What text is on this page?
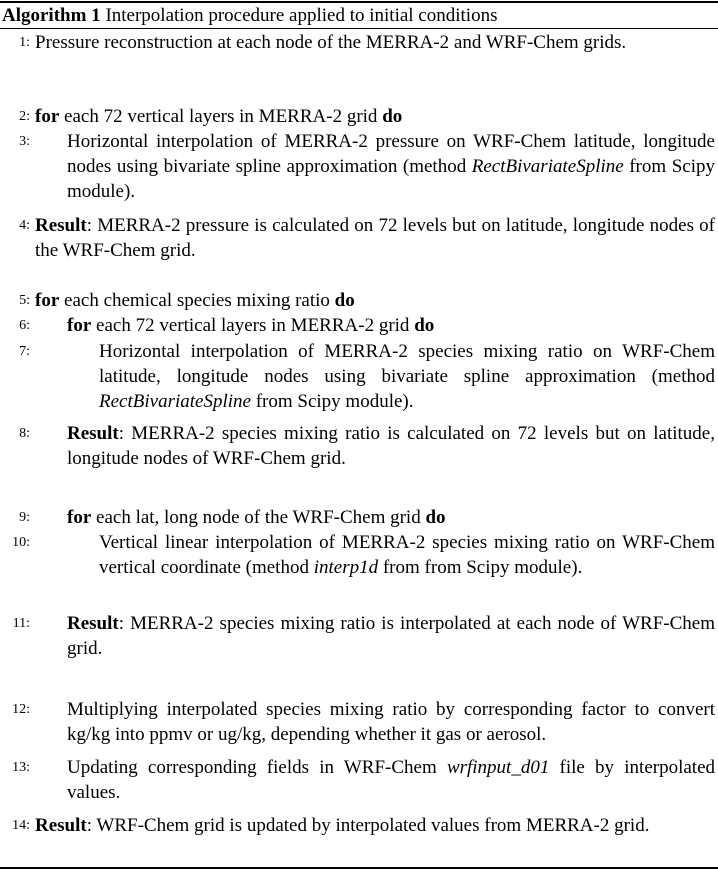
Algorithm 1 Interpolation procedure applied to initial conditions
1: Pressure reconstruction at each node of the MERRA-2 and WRF-Chem grids.
2: for each 72 vertical layers in MERRA-2 grid do
3: Horizontal interpolation of MERRA-2 pressure on WRF-Chem latitude, longitude nodes using bivariate spline approximation (method RectBivariateSpline from Scipy module).
4: Result: MERRA-2 pressure is calculated on 72 levels but on latitude, longitude nodes of the WRF-Chem grid.
5: for each chemical species mixing ratio do
6: for each 72 vertical layers in MERRA-2 grid do
7:	Horizontal interpolation of MERRA-2 species mixing ratio on WRF-Chem latitude, longitude nodes using bivariate spline approximation (method RectBivariateSpline from Scipy module).
8: Result: MERRA-2 species mixing ratio is calculated on 72 levels but on latitude, longitude nodes of WRF-Chem grid.
9: for each lat, long node of the WRF-Chem grid do
10:	Vertical linear interpolation of MERRA-2 species mixing ratio on WRF-Chem vertical coordinate (method interp1d from from Scipy module).
11: Result: MERRA-2 species mixing ratio is interpolated at each node of WRF-Chem grid.
12: Multiplying interpolated species mixing ratio by corresponding factor to convert kg/kg into ppmv or ug/kg, depending whether it gas or aerosol.
13: Updating corresponding fields in WRF-Chem wrfinput_d01 file by interpolated values.
14: Result: WRF-Chem grid is updated by interpolated values from MERRA-2 grid.
